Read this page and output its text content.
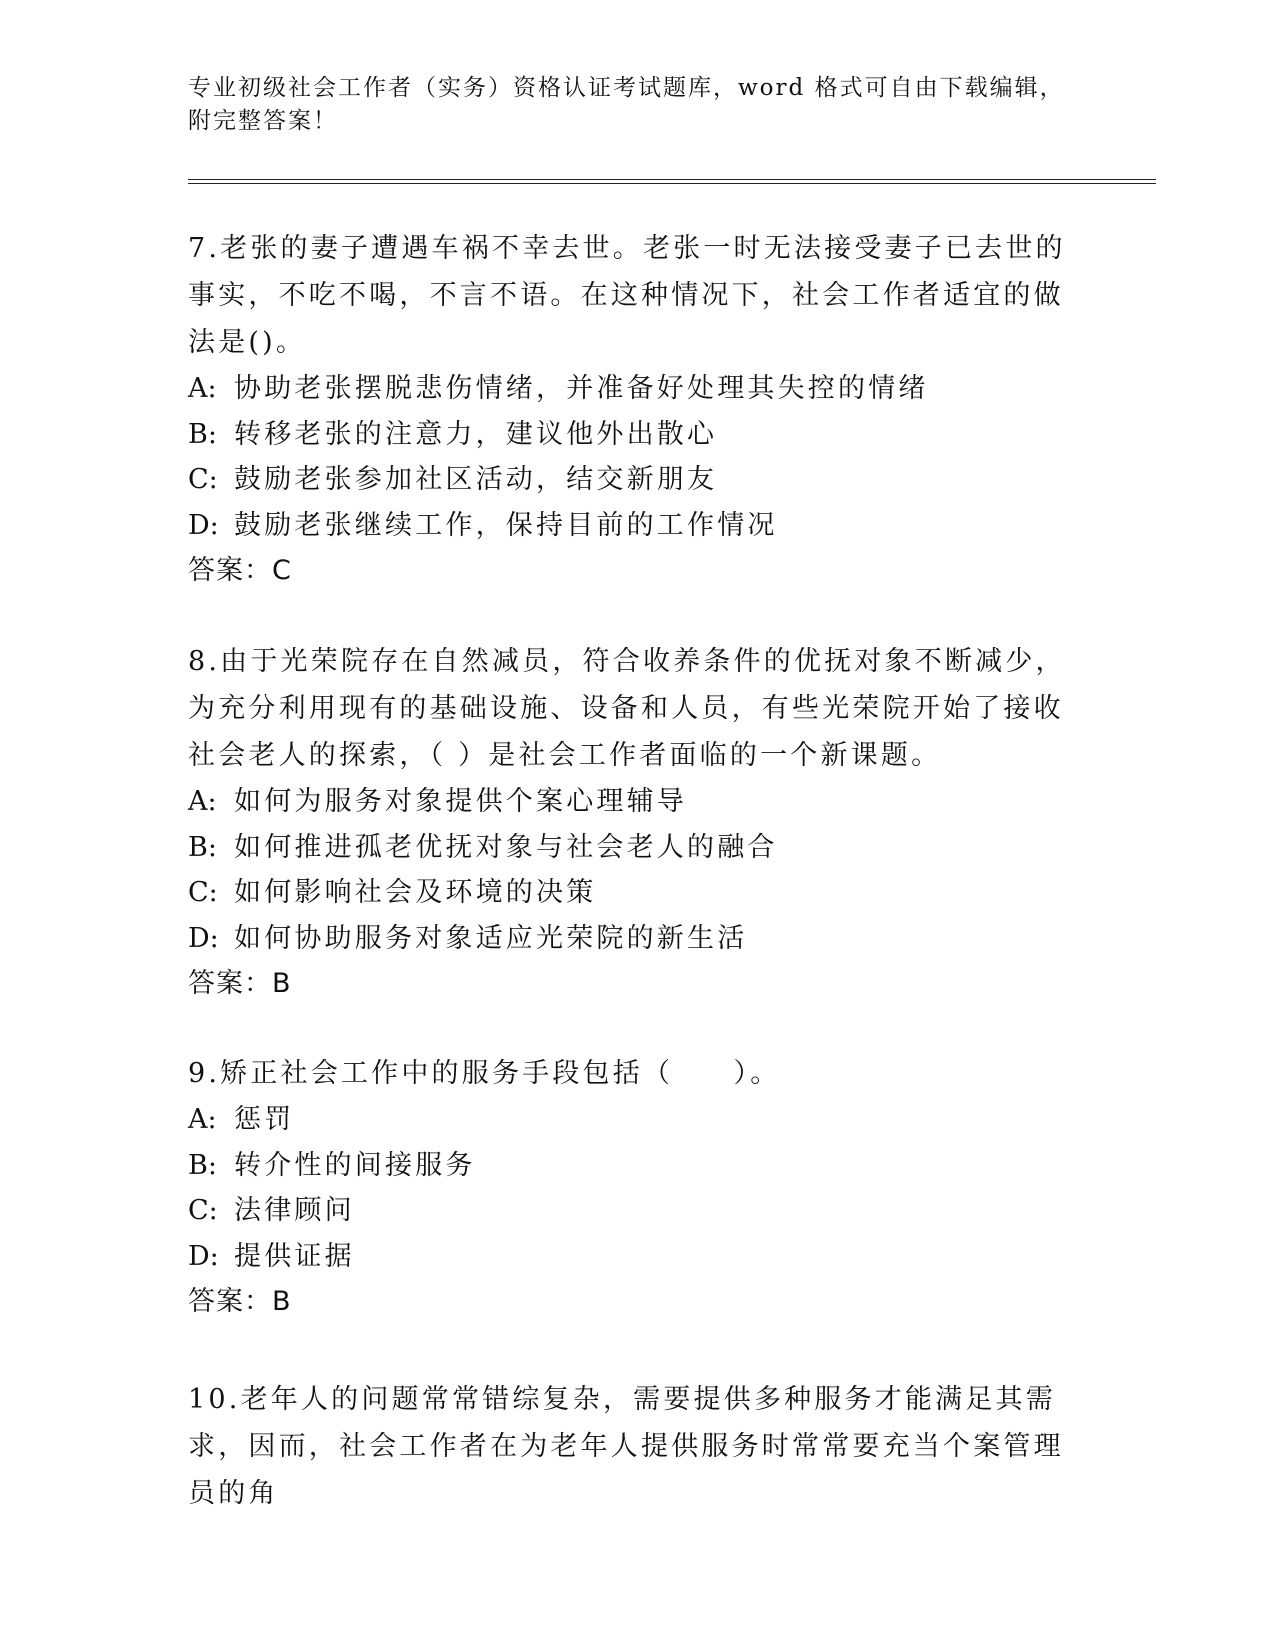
专业初级社会工作者（实务）资格认证考试题库，word 格式可自由下载编辑，附完整答案！

7.老张的妻子遭遇车祸不幸去世。老张一时无法接受妻子已去世的事实，不吃不喝，不言不语。在这种情况下，社会工作者适宜的做法是()。

A: 协助老张摆脱悲伤情绪，并准备好处理其失控的情绪

B: 转移老张的注意力，建议他外出散心

C: 鼓励老张参加社区活动，结交新朋友

D: 鼓励老张继续工作，保持目前的工作情况

答案：C

8.由于光荣院存在自然减员，符合收养条件的优抚对象不断减少，为充分利用现有的基础设施、设备和人员，有些光荣院开始了接收社会老人的探索，（ ）是社会工作者面临的一个新课题。

A: 如何为服务对象提供个案心理辅导

B: 如何推进孤老优抚对象与社会老人的融合

C: 如何影响社会及环境的决策

D: 如何协助服务对象适应光荣院的新生活

答案：B

9.矫正社会工作中的服务手段包括（　　）。

A: 惩罚

B: 转介性的间接服务

C: 法律顾问

D: 提供证据

答案：B

10.老年人的问题常常错综复杂，需要提供多种服务才能满足其需求，因而，社会工作者在为老年人提供服务时常常要充当个案管理员的角
